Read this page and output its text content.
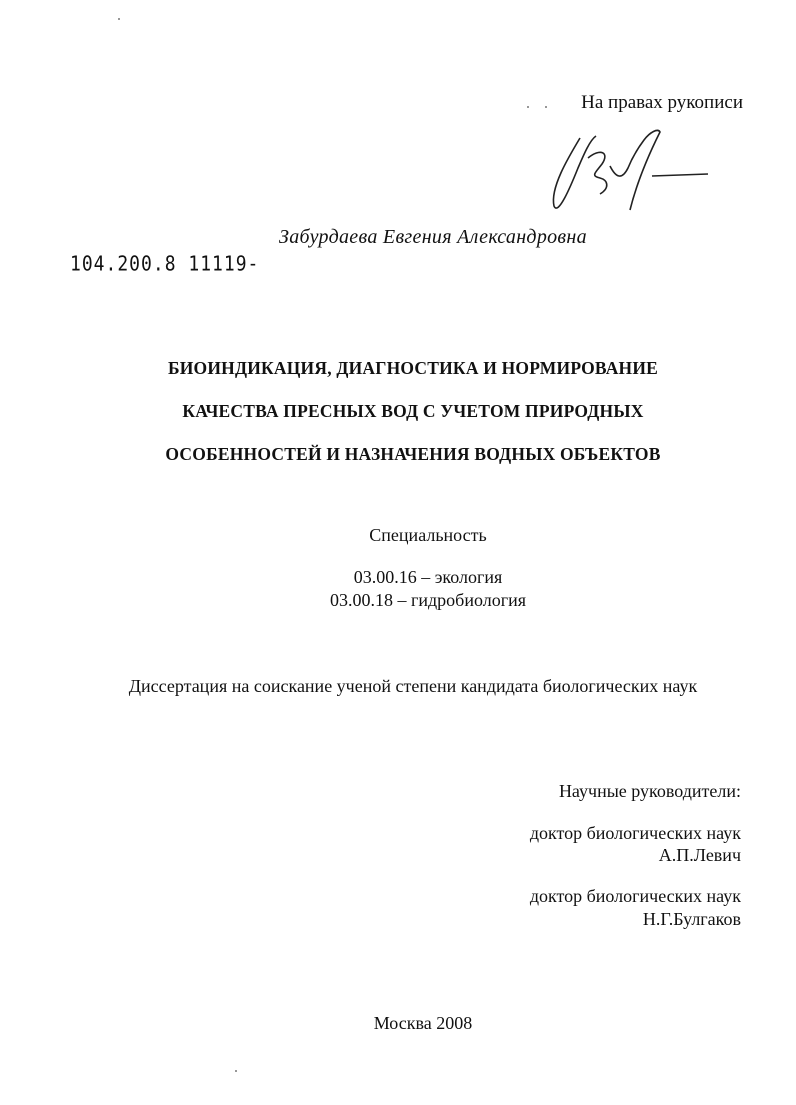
На правах рукописи

Забурдаева Евгения Александровна

104.200.8 11119-

БИОИНДИКАЦИЯ, ДИАГНОСТИКА И НОРМИРОВАНИЕ

КАЧЕСТВА ПРЕСНЫХ ВОД С УЧЕТОМ ПРИРОДНЫХ

ОСОБЕННОСТЕЙ И НАЗНАЧЕНИЯ ВОДНЫХ ОБЪЕКТОВ

Специальность

03.00.16 – экология

03.00.18 – гидробиология

Диссертация на соискание ученой степени кандидата биологических наук

Научные руководители:

доктор биологических наук

А.П.Левич

доктор биологических наук

Н.Г.Булгаков

Москва 2008
